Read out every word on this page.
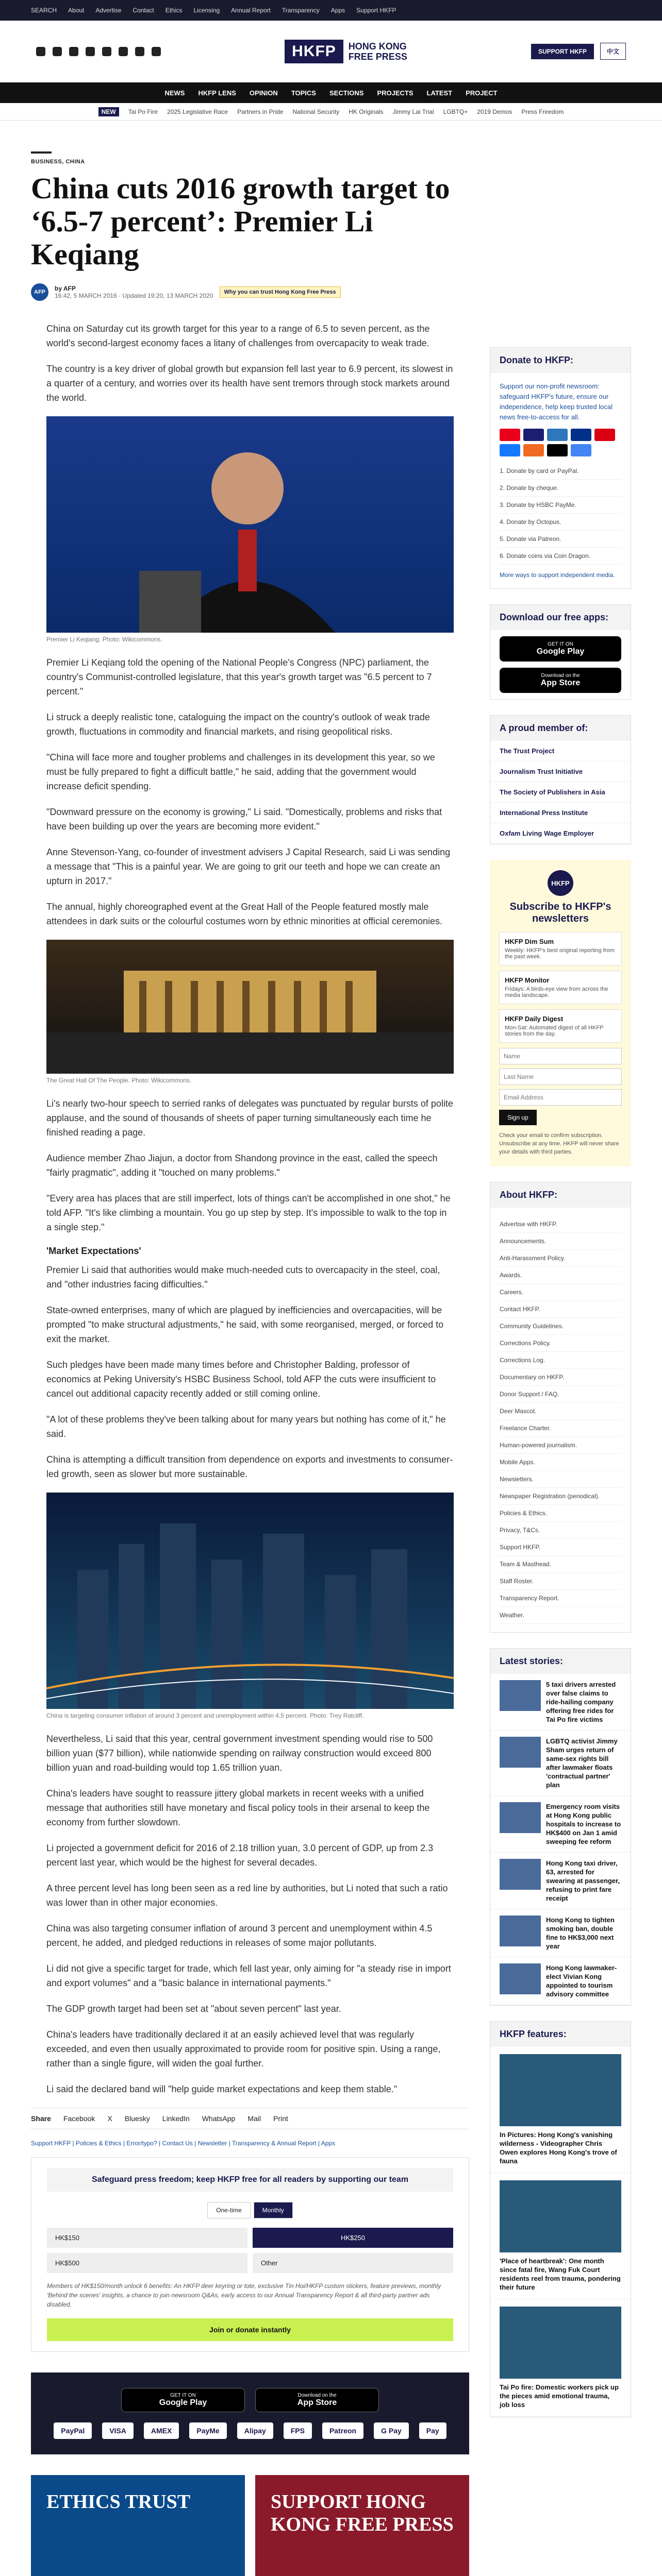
SEARCH About Advertise Contact Ethics Licensing Annual Report Transparency Apps Support HKFP
HKFP	HONG KONG
FREE PRESS	SUPPORT HKFP	中文
NEWS HKFP LENS OPINION TOPICS SECTIONS PROJECTS LATEST PROJECT
NEW	Tai Po Fire 2025 Legislative Race Partners in Pride National Security HK Originals Jimmy Lai Trial LGBTQ+ 2019 Demos Press Freedom
BUSINESS, CHINA
China cuts 2016 growth target to ‘6.5-7 percent’: Premier Li Keqiang
AFP	by AFP
16:42, 5 MARCH 2016 · Updated 19:20, 13 MARCH 2020	Why you can trust Hong Kong Free Press

China on Saturday cut its growth target for this year to a range of 6.5 to seven percent, as the world's second-largest economy faces a litany of challenges from overcapacity to weak trade.

The country is a key driver of global growth but expansion fell last year to 6.9 percent, its slowest in a quarter of a century, and worries over its health have sent tremors through stock markets around the world.

Premier Li Keqiang. Photo: Wikicommons.

Premier Li Keqiang told the opening of the National People's Congress (NPC) parliament, the country's Communist-controlled legislature, that this year's growth target was "6.5 percent to 7 percent."

Li struck a deeply realistic tone, cataloguing the impact on the country's outlook of weak trade growth, fluctuations in commodity and financial markets, and rising geopolitical risks.

"China will face more and tougher problems and challenges in its development this year, so we must be fully prepared to fight a difficult battle," he said, adding that the government would increase deficit spending.

"Downward pressure on the economy is growing," Li said. "Domestically, problems and risks that have been building up over the years are becoming more evident."

Anne Stevenson-Yang, co-founder of investment advisers J Capital Research, said Li was sending a message that "This is a painful year. We are going to grit our teeth and hope we can create an upturn in 2017."

The annual, highly choreographed event at the Great Hall of the People featured mostly male attendees in dark suits or the colourful costumes worn by ethnic minorities at official ceremonies.

The Great Hall Of The People. Photo: Wikicommons.

Li's nearly two-hour speech to serried ranks of delegates was punctuated by regular bursts of polite applause, and the sound of thousands of sheets of paper turning simultaneously each time he finished reading a page.

Audience member Zhao Jiajun, a doctor from Shandong province in the east, called the speech "fairly pragmatic", adding it "touched on many problems."

"Every area has places that are still imperfect, lots of things can't be accomplished in one shot," he told AFP. "It's like climbing a mountain. You go up step by step. It's impossible to walk to the top in a single step."

'Market Expectations'

Premier Li said that authorities would make much-needed cuts to overcapacity in the steel, coal, and "other industries facing difficulties."

State-owned enterprises, many of which are plagued by inefficiencies and overcapacities, will be prompted "to make structural adjustments," he said, with some reorganised, merged, or forced to exit the market.

Such pledges have been made many times before and Christopher Balding, professor of economics at Peking University's HSBC Business School, told AFP the cuts were insufficient to cancel out additional capacity recently added or still coming online.

"A lot of these problems they've been talking about for many years but nothing has come of it," he said.

China is attempting a difficult transition from dependence on exports and investments to consumer-led growth, seen as slower but more sustainable.

China is targeting consumer inflation of around 3 percent and unemployment within 4.5 percent. Photo: Trey Ratcliff.

Nevertheless, Li said that this year, central government investment spending would rise to 500 billion yuan ($77 billion), while nationwide spending on railway construction would exceed 800 billion yuan and road-building would top 1.65 trillion yuan.

China's leaders have sought to reassure jittery global markets in recent weeks with a unified message that authorities still have monetary and fiscal policy tools in their arsenal to keep the economy from further slowdown.

Li projected a government deficit for 2016 of 2.18 trillion yuan, 3.0 percent of GDP, up from 2.3 percent last year, which would be the highest for several decades.

A three percent level has long been seen as a red line by authorities, but Li noted that such a ratio was lower than in other major economies.

China was also targeting consumer inflation of around 3 percent and unemployment within 4.5 percent, he added, and pledged reductions in releases of some major pollutants.

Li did not give a specific target for trade, which fell last year, only aiming for "a steady rise in import and export volumes" and a "basic balance in international payments."

The GDP growth target had been set at "about seven percent" last year.

China's leaders have traditionally declared it at an easily achieved level that was regularly exceeded, and even then usually approximated to provide room for positive spin. Using a range, rather than a single figure, will widen the goal further.

Li said the declared band will "help guide market expectations and keep them stable."

Share Facebook X Bluesky LinkedIn WhatsApp Mail Print
Support HKFP | Policies & Ethics | Error/typo? | Contact Us | Newsletter | Transparency & Annual Report | Apps
Safeguard press freedom; keep HKFP free for all readers by supporting our team
One-time	Monthly
HK$150	HK$250
HK$500	Other
Members of HK$150/month unlock 6 benefits: An HKFP deer keyring or tote, exclusive Tin Hoi/HKFP custom stickers, feature previews, monthly 'Behind the scenes' insights, a chance to join newsroom Q&As, early access to our Annual Transparency Report & all third-party partner ads disabled.
Join or donate instantly
GET IT ON
Google Play
Download on the
App Store
PayPal	VISA	AMEX	PayMe	Alipay	FPS	Patreon	G Pay	Pay
ETHICS TRUST	SUPPORT HONG KONG FREE PRESS
Donate to HKFP:
Support our non-profit newsroom: safeguard HKFP's future, ensure our independence, help keep trusted local news free-to-access for all.
1. Donate by card or PayPal.
2. Donate by cheque.
3. Donate by HSBC PayMe.
4. Donate by Octopus.
5. Donate via Patreon.
6. Donate coins via Coin Dragon.
More ways to support independent media.
Download our free apps:
GET IT ON
Google Play
Download on the
App Store
A proud member of:
The Trust Project
Journalism Trust Initiative
The Society of Publishers in Asia
International Press Institute
Oxfam Living Wage Employer
HKFP
Subscribe to HKFP's newsletters
HKFP Dim Sum
Weekly: HKFP's best original reporting from the past week.
HKFP Monitor
Fridays: A birds-eye view from across the media landscape.
HKFP Daily Digest
Mon-Sat: Automated digest of all HKFP stories from the day.
Name Last Name Email Address Sign up
Check your email to confirm subscription. Unsubscribe at any time. HKFP will never share your details with third parties.
About HKFP:
Advertise with HKFP.
Announcements.
Anti-Harassment Policy.
Awards.
Careers.
Contact HKFP.
Community Guidelines.
Corrections Policy.
Corrections Log.
Documentary on HKFP.
Donor Support / FAQ.
Deer Mascot.
Freelance Charter.
Human-powered journalism.
Mobile Apps.
Newsletters.
Newspaper Registration (periodical).
Policies & Ethics.
Privacy, T&Cs.
Support HKFP.
Team & Masthead.
Staff Roster.
Transparency Report.
Weather.
Latest stories:
5 taxi drivers arrested over false claims to ride-hailing company offering free rides for Tai Po fire victims
LGBTQ activist Jimmy Sham urges return of same-sex rights bill after lawmaker floats 'contractual partner' plan
Emergency room visits at Hong Kong public hospitals to increase to HK$400 on Jan 1 amid sweeping fee reform
Hong Kong taxi driver, 63, arrested for swearing at passenger, refusing to print fare receipt
Hong Kong to tighten smoking ban, double fine to HK$3,000 next year
Hong Kong lawmaker-elect Vivian Kong appointed to tourism advisory committee
HKFP features:
In Pictures: Hong Kong's vanishing wilderness - Videographer Chris Owen explores Hong Kong's trove of fauna
'Place of heartbreak': One month since fatal fire, Wang Fuk Court residents reel from trauma, pondering their future
Tai Po fire: Domestic workers pick up the pieces amid emotional trauma, job loss
